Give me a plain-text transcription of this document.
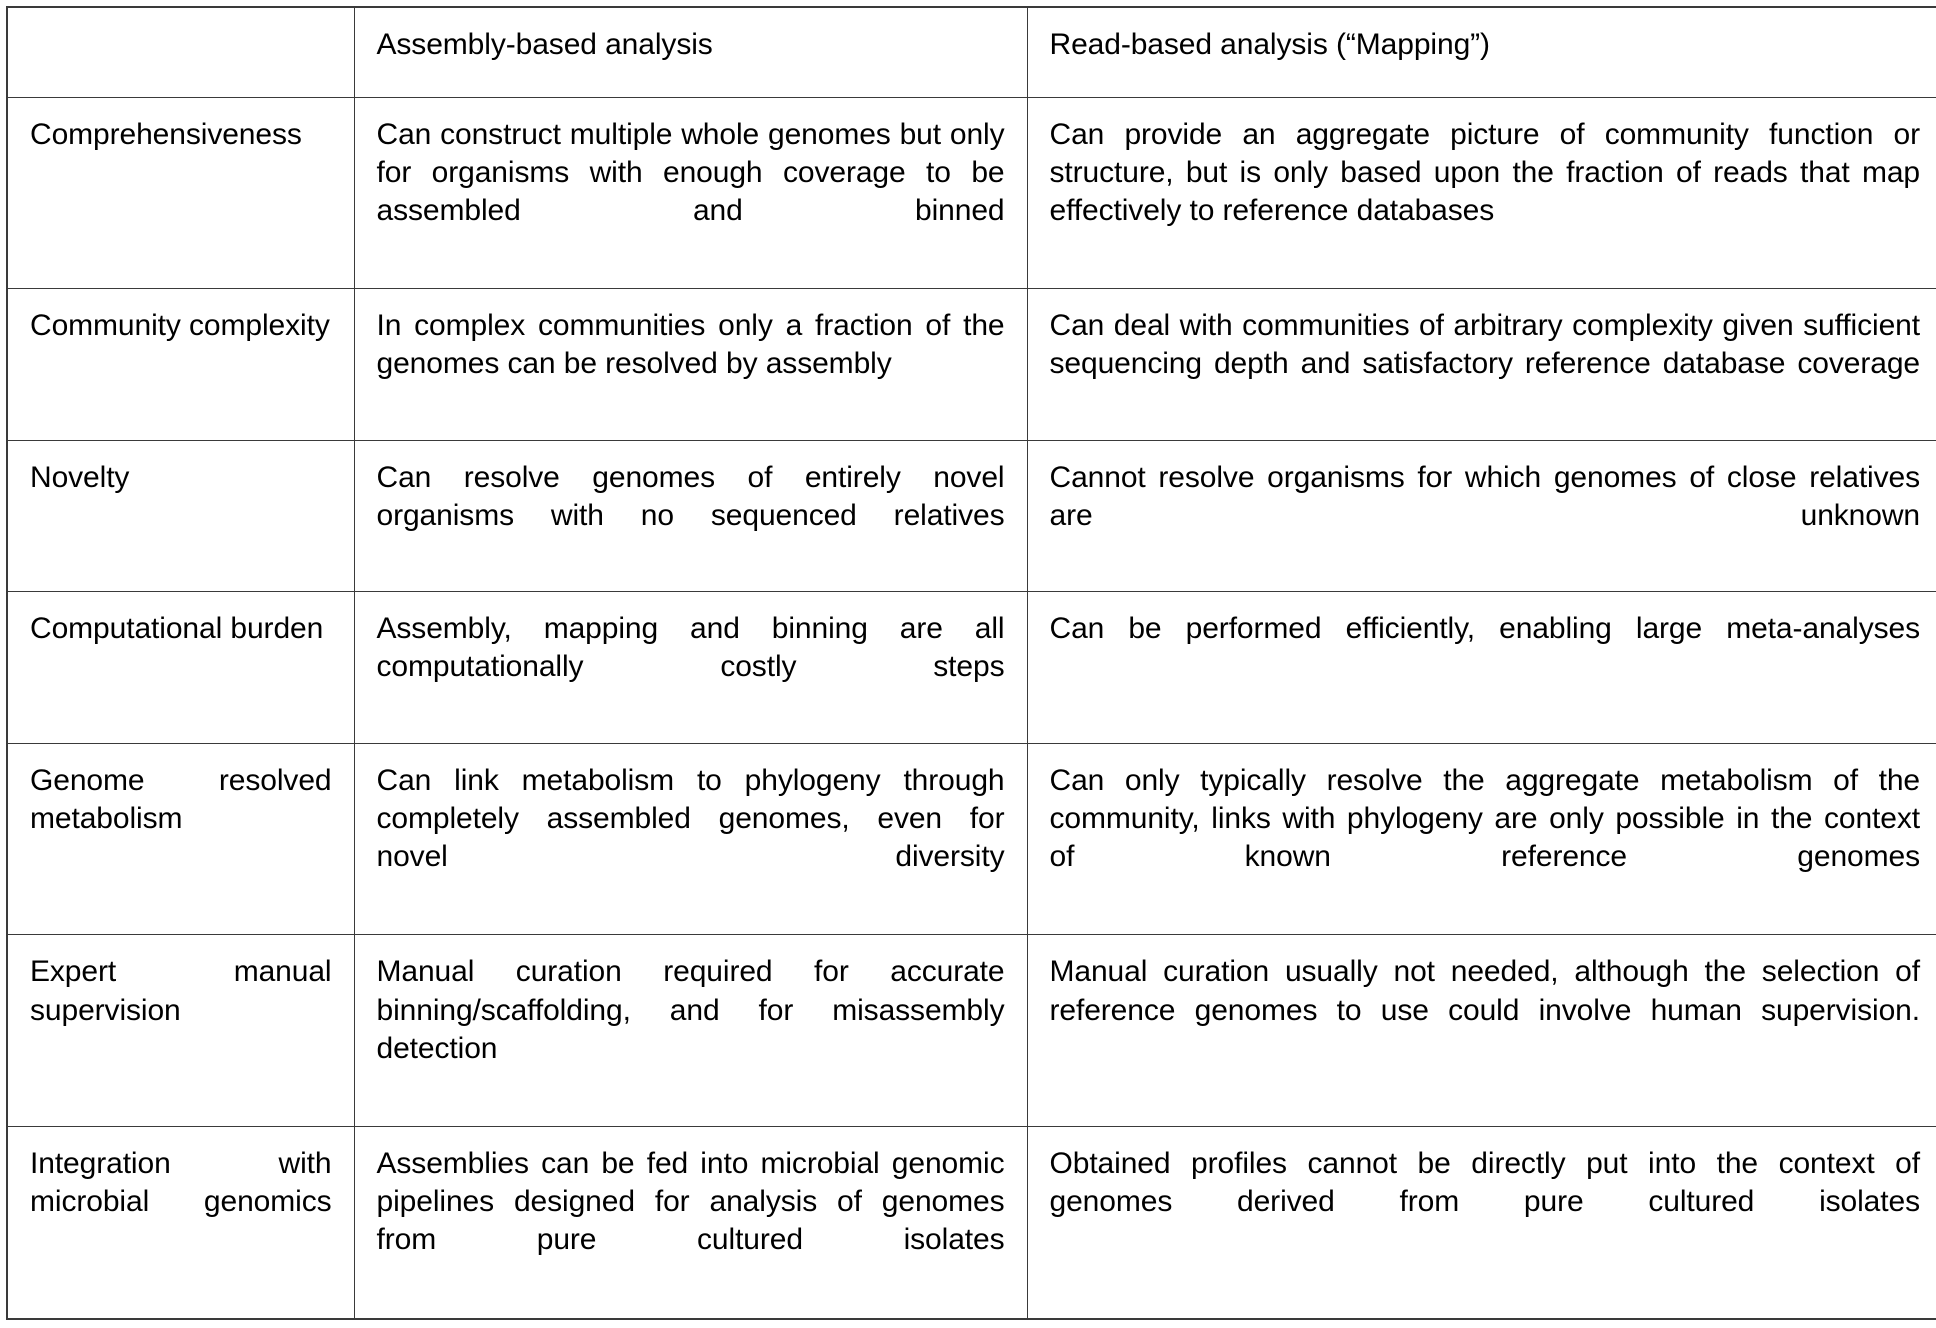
	Assembly-based analysis	Read-based analysis (“Mapping”)
Comprehensiveness	Can construct multiple whole genomes but only for organisms with enough coverage to be assembled and binned	Can provide an aggregate picture of community function or structure, but is only based upon the fraction of reads that map effectively to reference databases
Community complexity	In complex communities only a fraction of the genomes can be resolved by assembly	Can deal with communities of arbitrary complexity given sufficient sequencing depth and satisfactory reference database coverage
Novelty	Can resolve genomes of entirely novel organisms with no sequenced relatives	Cannot resolve organisms for which genomes of close relatives are unknown
Computational burden	Assembly, mapping and binning are all computationally costly steps	Can be performed efficiently, enabling large meta-analyses

Genome resolved metabolism	Can link metabolism to phylogeny through completely assembled genomes, even for novel diversity	Can only typically resolve the aggregate metabolism of the community, links with phylogeny are only possible in the context of known reference genomes

Expert manual supervision	Manual curation required for accurate binning/scaffolding, and for misassembly detection	Manual curation usually not needed, although the selection of reference genomes to use could involve human supervision.

Integration with microbial genomics	Assemblies can be fed into microbial genomic pipelines designed for analysis of genomes from pure cultured isolates	Obtained profiles cannot be directly put into the context of genomes derived from pure cultured isolates
